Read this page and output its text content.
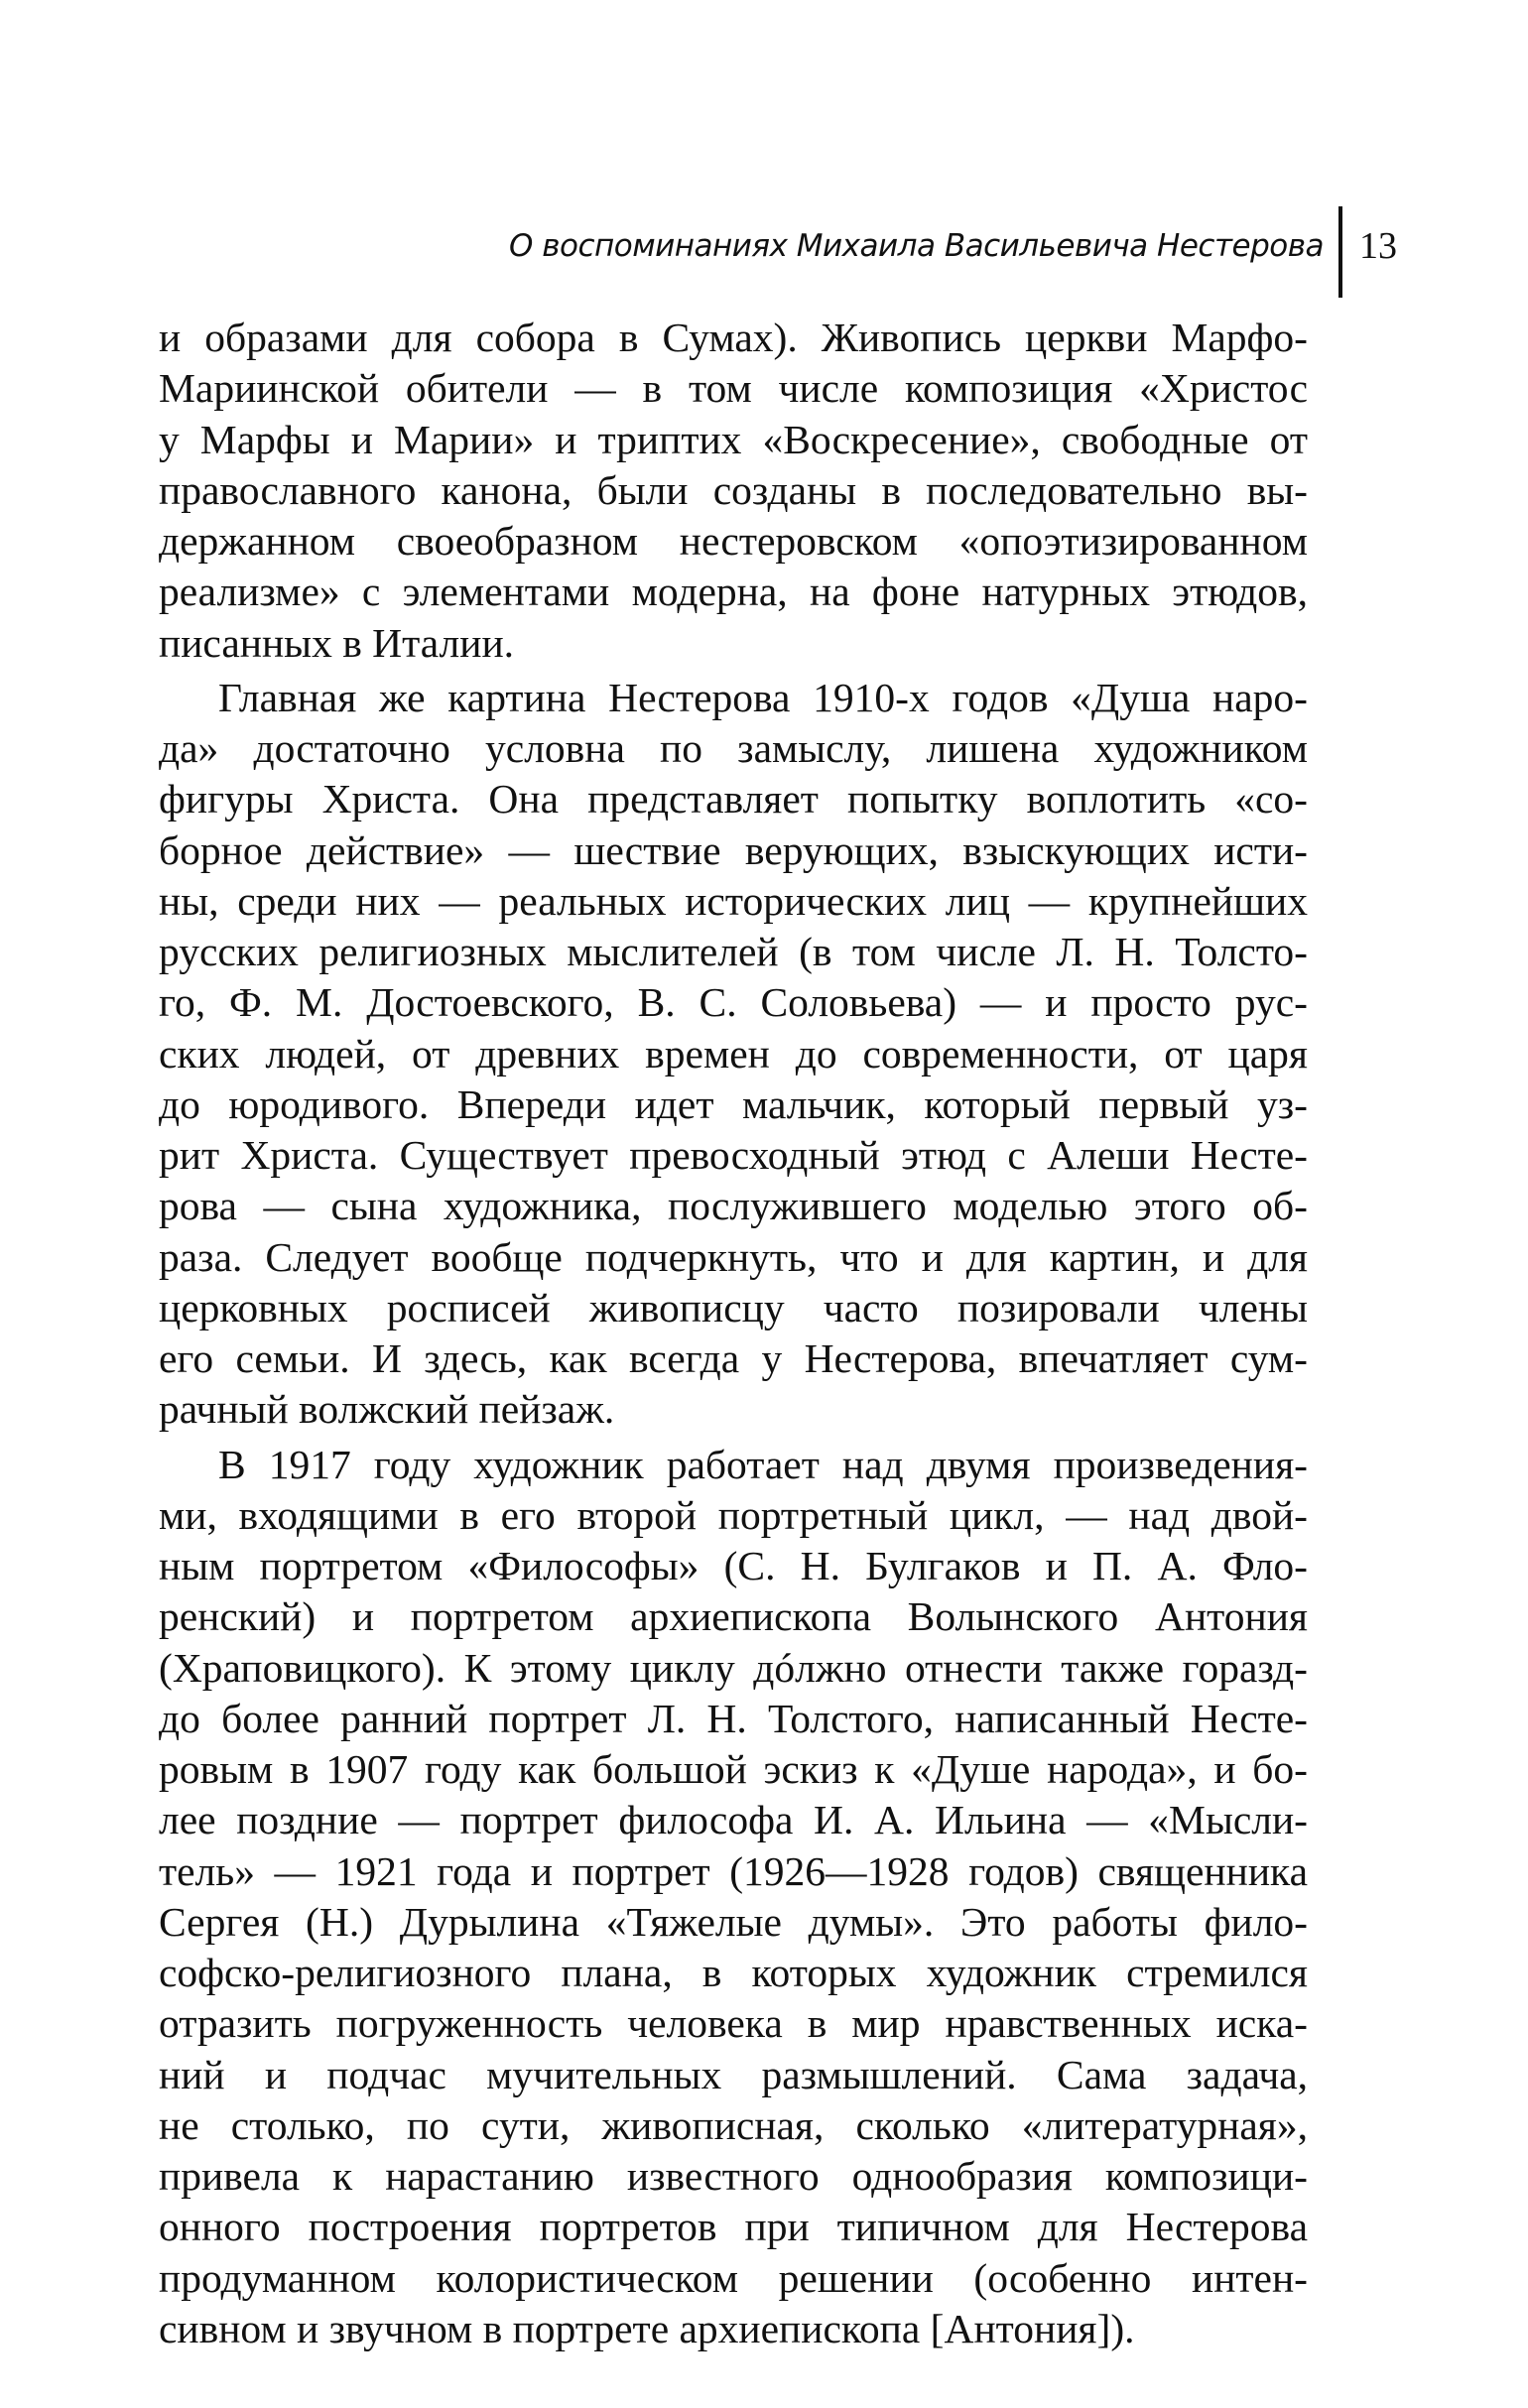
О воспоминаниях Михаила Васильевича Нестерова 13

и образами для собора в Сумах). Живопись церкви Марфо-

Мариинской обители — в том числе композиция «Христос

у Марфы и Марии» и триптих «Воскресение», свободные от

православного канона, были созданы в последовательно вы-

держанном своеобразном нестеровском «опоэтизированном

реализме» с элементами модерна, на фоне натурных этюдов,

писанных в Италии.

Главная же картина Нестерова 1910-х годов «Душа наро-

да» достаточно условна по замыслу, лишена художником

фигуры Христа. Она представляет попытку воплотить «со-

борное действие» — шествие верующих, взыскующих исти-

ны, среди них — реальных исторических лиц — крупнейших

русских религиозных мыслителей (в том числе Л. Н. Толсто-

го, Ф. М. Достоевского, В. С. Соловьева) — и просто рус-

ских людей, от древних времен до современности, от царя

до юродивого. Впереди идет мальчик, который первый уз-

рит Христа. Существует превосходный этюд с Алеши Несте-

рова — сына художника, послужившего моделью этого об-

раза. Следует вообще подчеркнуть, что и для картин, и для

церковных росписей живописцу часто позировали члены

его семьи. И здесь, как всегда у Нестерова, впечатляет сум-

рачный волжский пейзаж.

В 1917 году художник работает над двумя произведения-

ми, входящими в его второй портретный цикл, — над двой-

ным портретом «Философы» (С. Н. Булгаков и П. А. Фло-

ренский) и портретом архиепископа Волынского Антония

(Храповицкого). К этому циклу дóлжно отнести также горазд-

до более ранний портрет Л. Н. Толстого, написанный Несте-

ровым в 1907 году как большой эскиз к «Душе народа», и бо-

лее поздние — портрет философа И. А. Ильина — «Мысли-

тель» — 1921 года и портрет (1926—1928 годов) священника

Сергея (Н.) Дурылина «Тяжелые думы». Это работы фило-

софско-религиозного плана, в которых художник стремился

отразить погруженность человека в мир нравственных иска-

ний и подчас мучительных размышлений. Сама задача,

не столько, по сути, живописная, сколько «литературная»,

привела к нарастанию известного однообразия композици-

онного построения портретов при типичном для Нестерова

продуманном колористическом решении (особенно интен-

сивном и звучном в портрете архиепископа [Антония]).
